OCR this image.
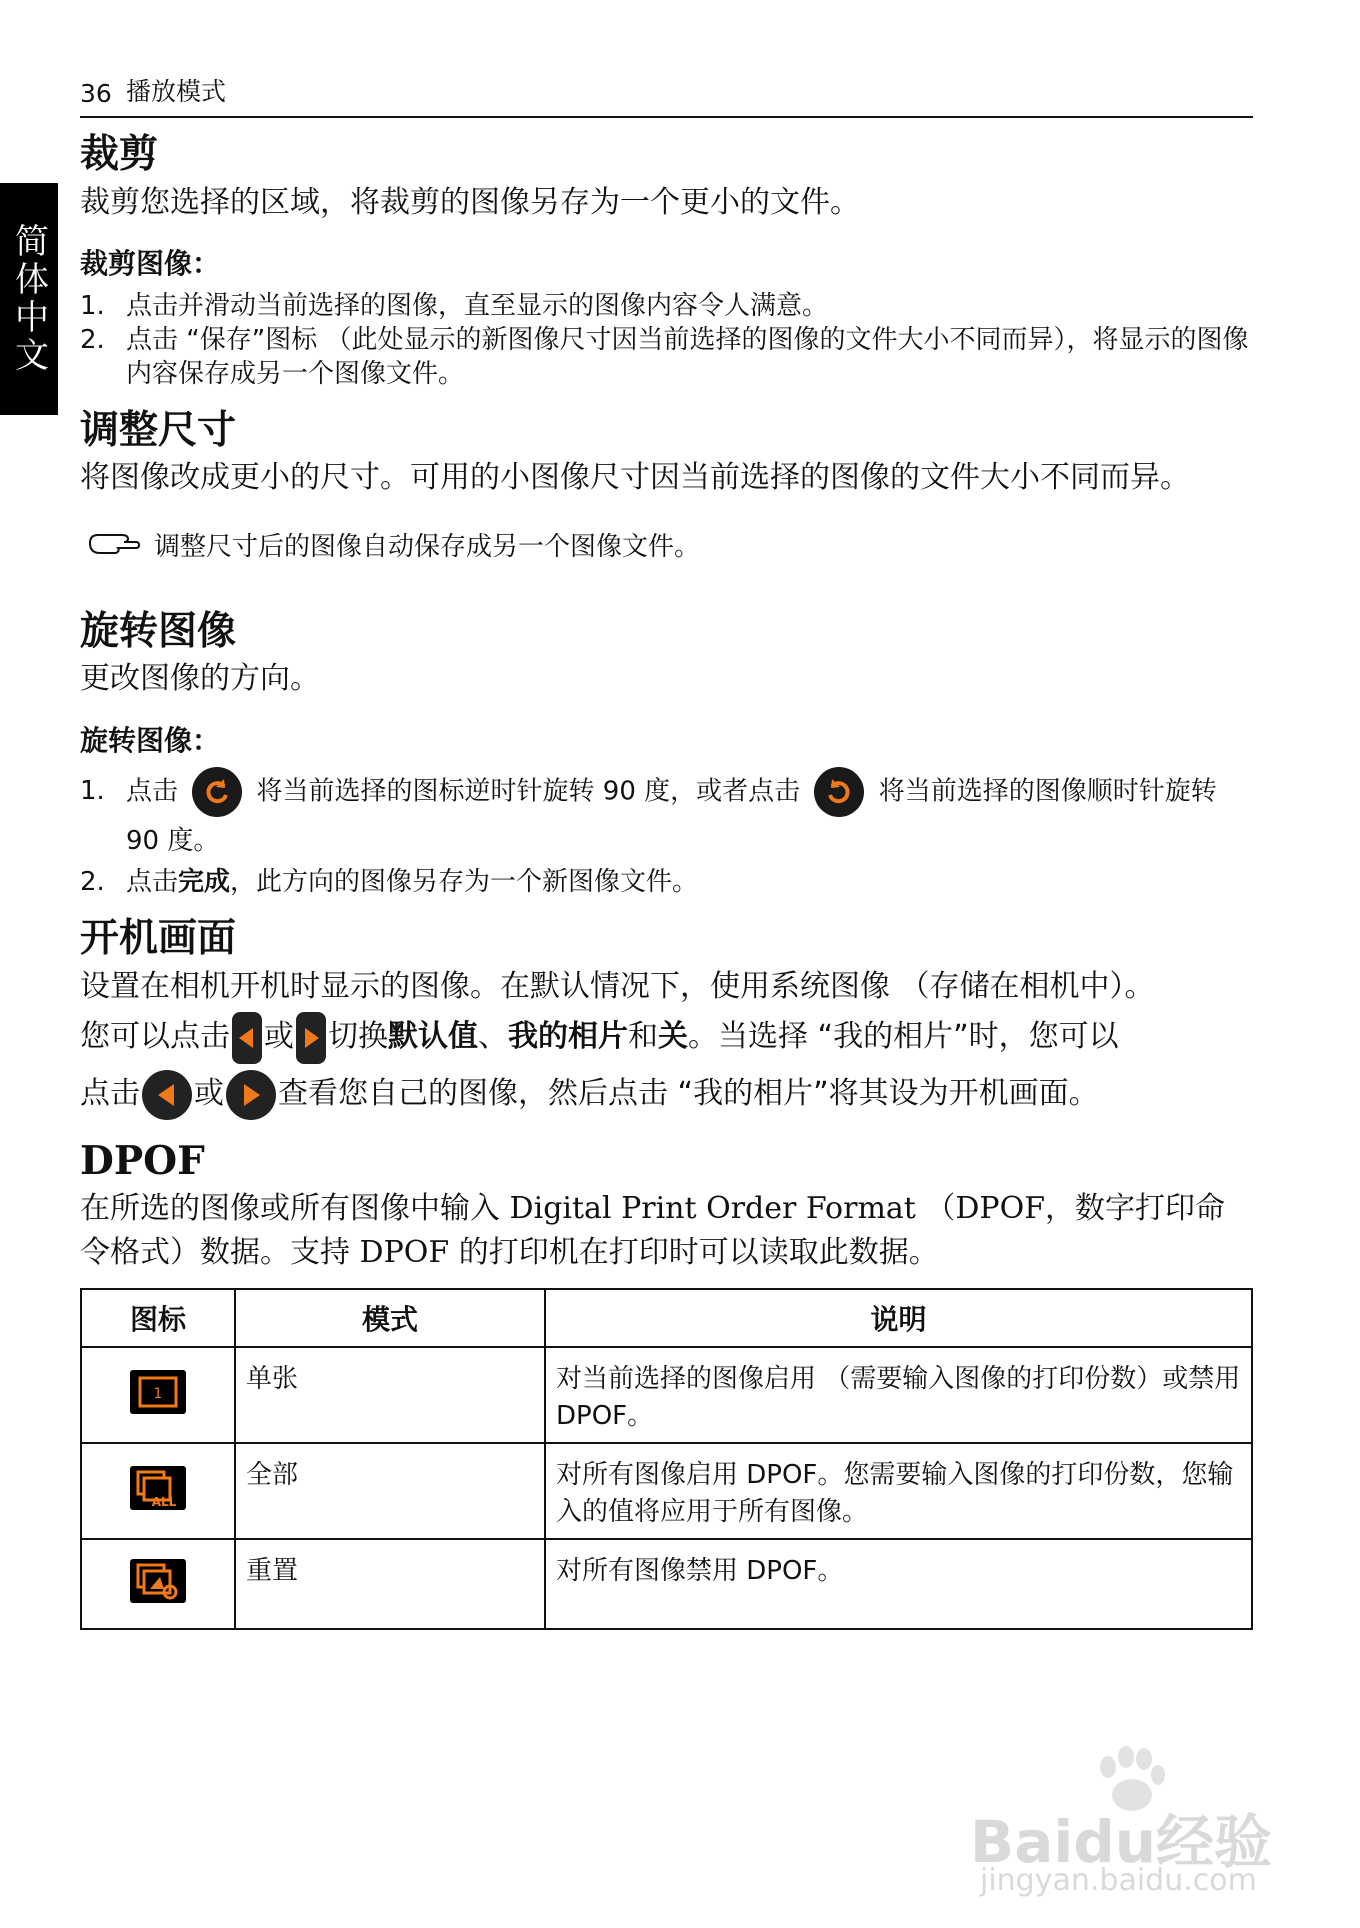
36 播放模式
简体中文
裁剪

裁剪您选择的区域，将裁剪的图像另存为一个更小的文件。

裁剪图像：
1. 点击并滑动当前选择的图像，直至显示的图像内容令人满意。
2. 点击 “保存”图标 （此处显示的新图像尺寸因当前选择的图像的文件大小不同而异），将显示的图像内容保存成另一个图像文件。
调整尺寸

将图像改成更小的尺寸。可用的小图像尺寸因当前选择的图像的文件大小不同而异。

调整尺寸后的图像自动保存成另一个图像文件。
旋转图像

更改图像的方向。

旋转图像：
1. 点击	将当前选择的图标逆时针旋转 90 度，或者点击	将当前选择的图像顺时针旋转 90 度。
2. 点击完成，此方向的图像另存为一个新图像文件。
开机画面

设置在相机开机时显示的图像。在默认情况下，使用系统图像 （存储在相机中）。

您可以点击 或 切换默认值、我的相片和关。当选择 “我的相片”时，您可以

点击 或 查看您自己的图像，然后点击 “我的相片”将其设为开机画面。

DPOF

在所选的图像或所有图像中输入 Digital Print Order Format （DPOF，数字打印命令格式）数据。支持 DPOF 的打印机在打印时可以读取此数据。

图标	模式	说明

1	单张	对当前选择的图像启用 （需要输入图像的打印份数）或禁用 DPOF。

ALL	全部	对所有图像启用 DPOF。您需要输入图像的打印份数，您输入的值将应用于所有图像。
	重置	对所有图像禁用 DPOF。
Baidu经验
jingyan.baidu.com
